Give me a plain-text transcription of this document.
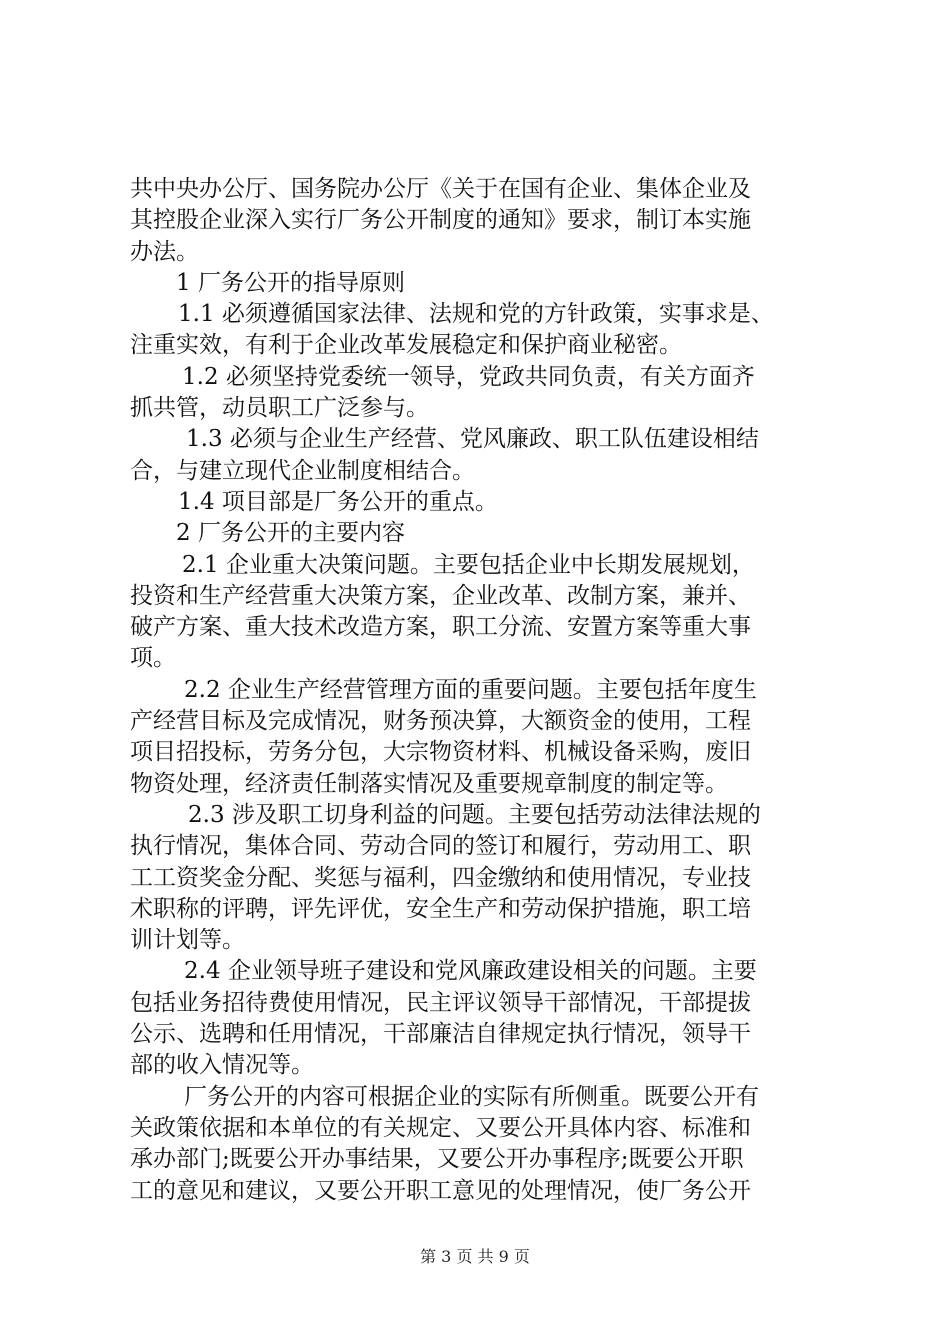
共中央办公厅、国务院办公厅《关于在国有企业、集体企业及
其控股企业深入实行厂务公开制度的通知》要求，制订本实施
办法。
1 厂务公开的指导原则
1.1 必须遵循国家法律、法规和党的方针政策，实事求是、
注重实效，有利于企业改革发展稳定和保护商业秘密。
1.2 必须坚持党委统一领导，党政共同负责，有关方面齐
抓共管，动员职工广泛参与。
1.3 必须与企业生产经营、党风廉政、职工队伍建设相结
合，与建立现代企业制度相结合。
1.4 项目部是厂务公开的重点。
2 厂务公开的主要内容
2.1 企业重大决策问题。主要包括企业中长期发展规划，
投资和生产经营重大决策方案，企业改革、改制方案，兼并、
破产方案、重大技术改造方案，职工分流、安置方案等重大事
项。
2.2 企业生产经营管理方面的重要问题。主要包括年度生
产经营目标及完成情况，财务预决算，大额资金的使用，工程
项目招投标，劳务分包，大宗物资材料、机械设备采购，废旧
物资处理，经济责任制落实情况及重要规章制度的制定等。
2.3 涉及职工切身利益的问题。主要包括劳动法律法规的
执行情况，集体合同、劳动合同的签订和履行，劳动用工、职
工工资奖金分配、奖惩与福利，四金缴纳和使用情况，专业技
术职称的评聘，评先评优，安全生产和劳动保护措施，职工培
训计划等。
2.4 企业领导班子建设和党风廉政建设相关的问题。主要
包括业务招待费使用情况，民主评议领导干部情况，干部提拔
公示、选聘和任用情况，干部廉洁自律规定执行情况，领导干
部的收入情况等。
厂务公开的内容可根据企业的实际有所侧重。既要公开有
关政策依据和本单位的有关规定、又要公开具体内容、标准和
承办部门;既要公开办事结果，又要公开办事程序;既要公开职
工的意见和建议，又要公开职工意见的处理情况，使厂务公开
第 3 页 共 9 页
